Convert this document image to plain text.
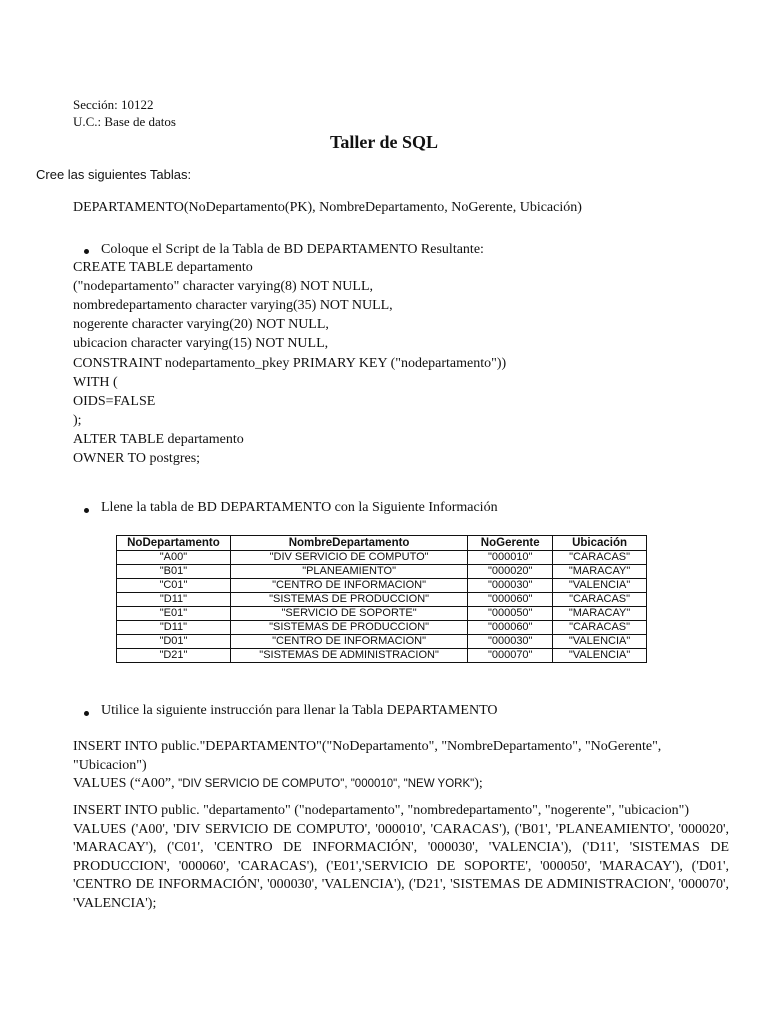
Sección: 10122
U.C.: Base de datos
Taller de SQL
Cree las siguientes Tablas:
DEPARTAMENTO(NoDepartamento(PK), NombreDepartamento, NoGerente, Ubicación)
Coloque el Script de la Tabla de BD DEPARTAMENTO Resultante:
CREATE TABLE departamento
("nodepartamento" character varying(8) NOT NULL,
nombredepartamento character varying(35) NOT NULL,
nogerente character varying(20) NOT NULL,
ubicacion character varying(15) NOT NULL,
CONSTRAINT nodepartamento_pkey PRIMARY KEY ("nodepartamento"))
WITH (
OIDS=FALSE
);
ALTER TABLE departamento
OWNER TO postgres;
Llene la tabla de BD DEPARTAMENTO con la Siguiente Información
NoDepartamento	NombreDepartamento	NoGerente	Ubicación
"A00"	"DIV SERVICIO DE COMPUTO"	"000010"	"CARACAS"
"B01"	"PLANEAMIENTO"	"000020"	"MARACAY"
"C01"	"CENTRO DE INFORMACION"	"000030"	"VALENCIA"
"D11"	"SISTEMAS DE PRODUCCION"	"000060"	"CARACAS"
"E01"	"SERVICIO DE SOPORTE"	"000050"	"MARACAY"
"D11"	"SISTEMAS DE PRODUCCION"	"000060"	"CARACAS"
"D01"	"CENTRO DE INFORMACION"	"000030"	"VALENCIA"
"D21"	"SISTEMAS DE ADMINISTRACION"	"000070"	"VALENCIA"
Utilice la siguiente instrucción para llenar la Tabla DEPARTAMENTO
INSERT INTO public."DEPARTAMENTO"("NoDepartamento", "NombreDepartamento", "NoGerente", "Ubicacion")
VALUES (“A00”, "DIV SERVICIO DE COMPUTO", "000010", "NEW YORK");
INSERT INTO public. "departamento" ("nodepartamento", "nombredepartamento", "nogerente", "ubicacion")
VALUES ('A00', 'DIV SERVICIO DE COMPUTO', '000010', 'CARACAS'), ('B01', 'PLANEAMIENTO', '000020', 'MARACAY'), ('C01', 'CENTRO DE INFORMACIÓN', '000030', 'VALENCIA'), ('D11', 'SISTEMAS DE PRODUCCION', '000060', 'CARACAS'), ('E01','SERVICIO DE SOPORTE', '000050', 'MARACAY'), ('D01', 'CENTRO DE INFORMACIÓN', '000030', 'VALENCIA'), ('D21', 'SISTEMAS DE ADMINISTRACION', '000070', 'VALENCIA');
